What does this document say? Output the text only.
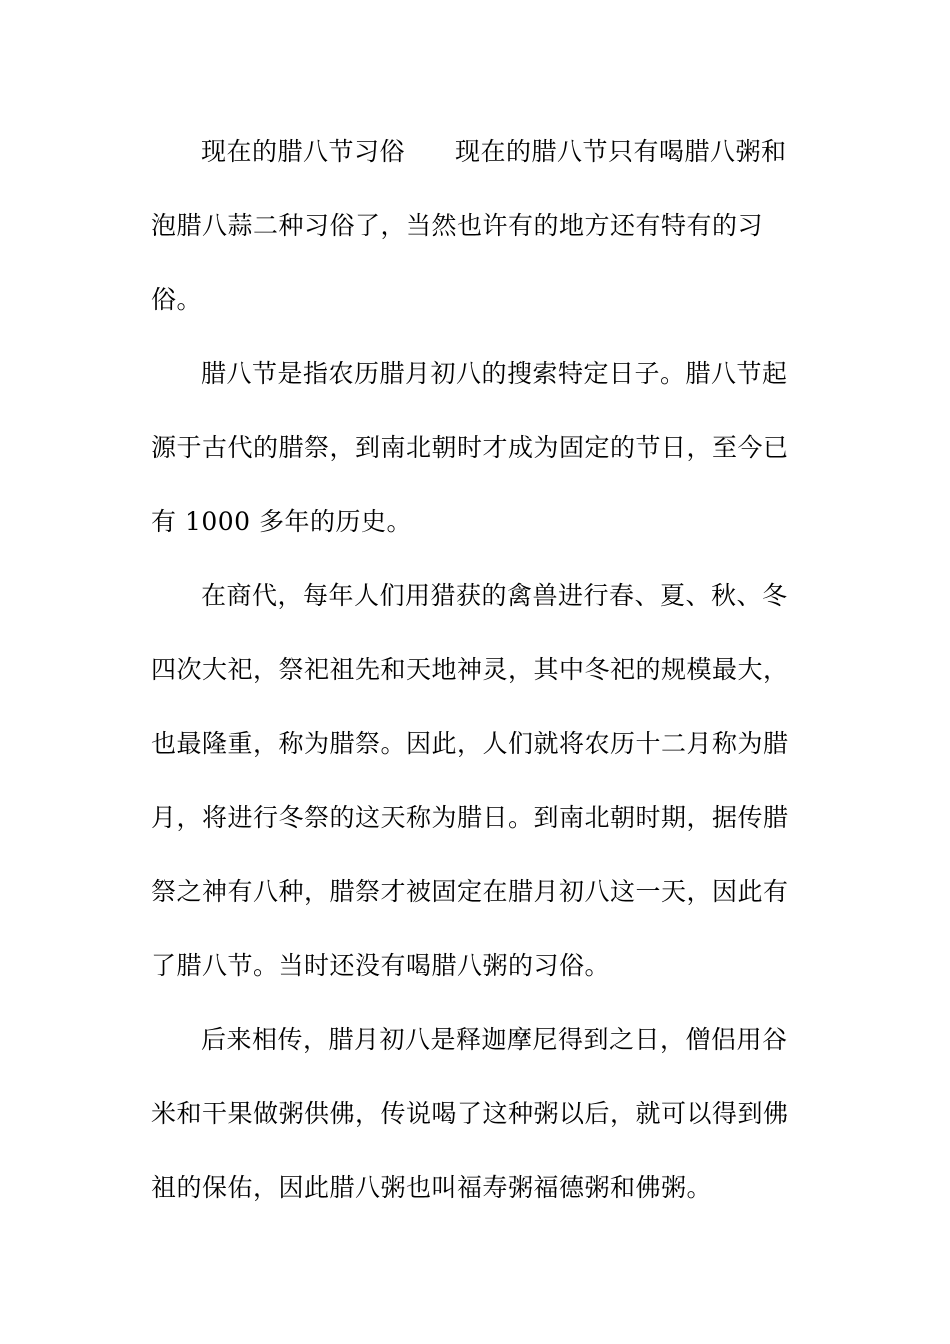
现在的腊八节习俗 现在的腊八节只有喝腊八粥和
泡腊八蒜二种习俗了，当然也许有的地方还有特有的习
俗。
腊八节是指农历腊月初八的搜索特定日子。腊八节起
源于古代的腊祭，到南北朝时才成为固定的节日，至今已
有 1000 多年的历史。
在商代，每年人们用猎获的禽兽进行春、夏、秋、冬
四次大祀，祭祀祖先和天地神灵，其中冬祀的规模最大，
也最隆重，称为腊祭。因此，人们就将农历十二月称为腊
月，将进行冬祭的这天称为腊日。到南北朝时期，据传腊
祭之神有八种，腊祭才被固定在腊月初八这一天，因此有
了腊八节。当时还没有喝腊八粥的习俗。
后来相传，腊月初八是释迦摩尼得到之日，僧侣用谷
米和干果做粥供佛，传说喝了这种粥以后，就可以得到佛
祖的保佑，因此腊八粥也叫福寿粥福德粥和佛粥。
